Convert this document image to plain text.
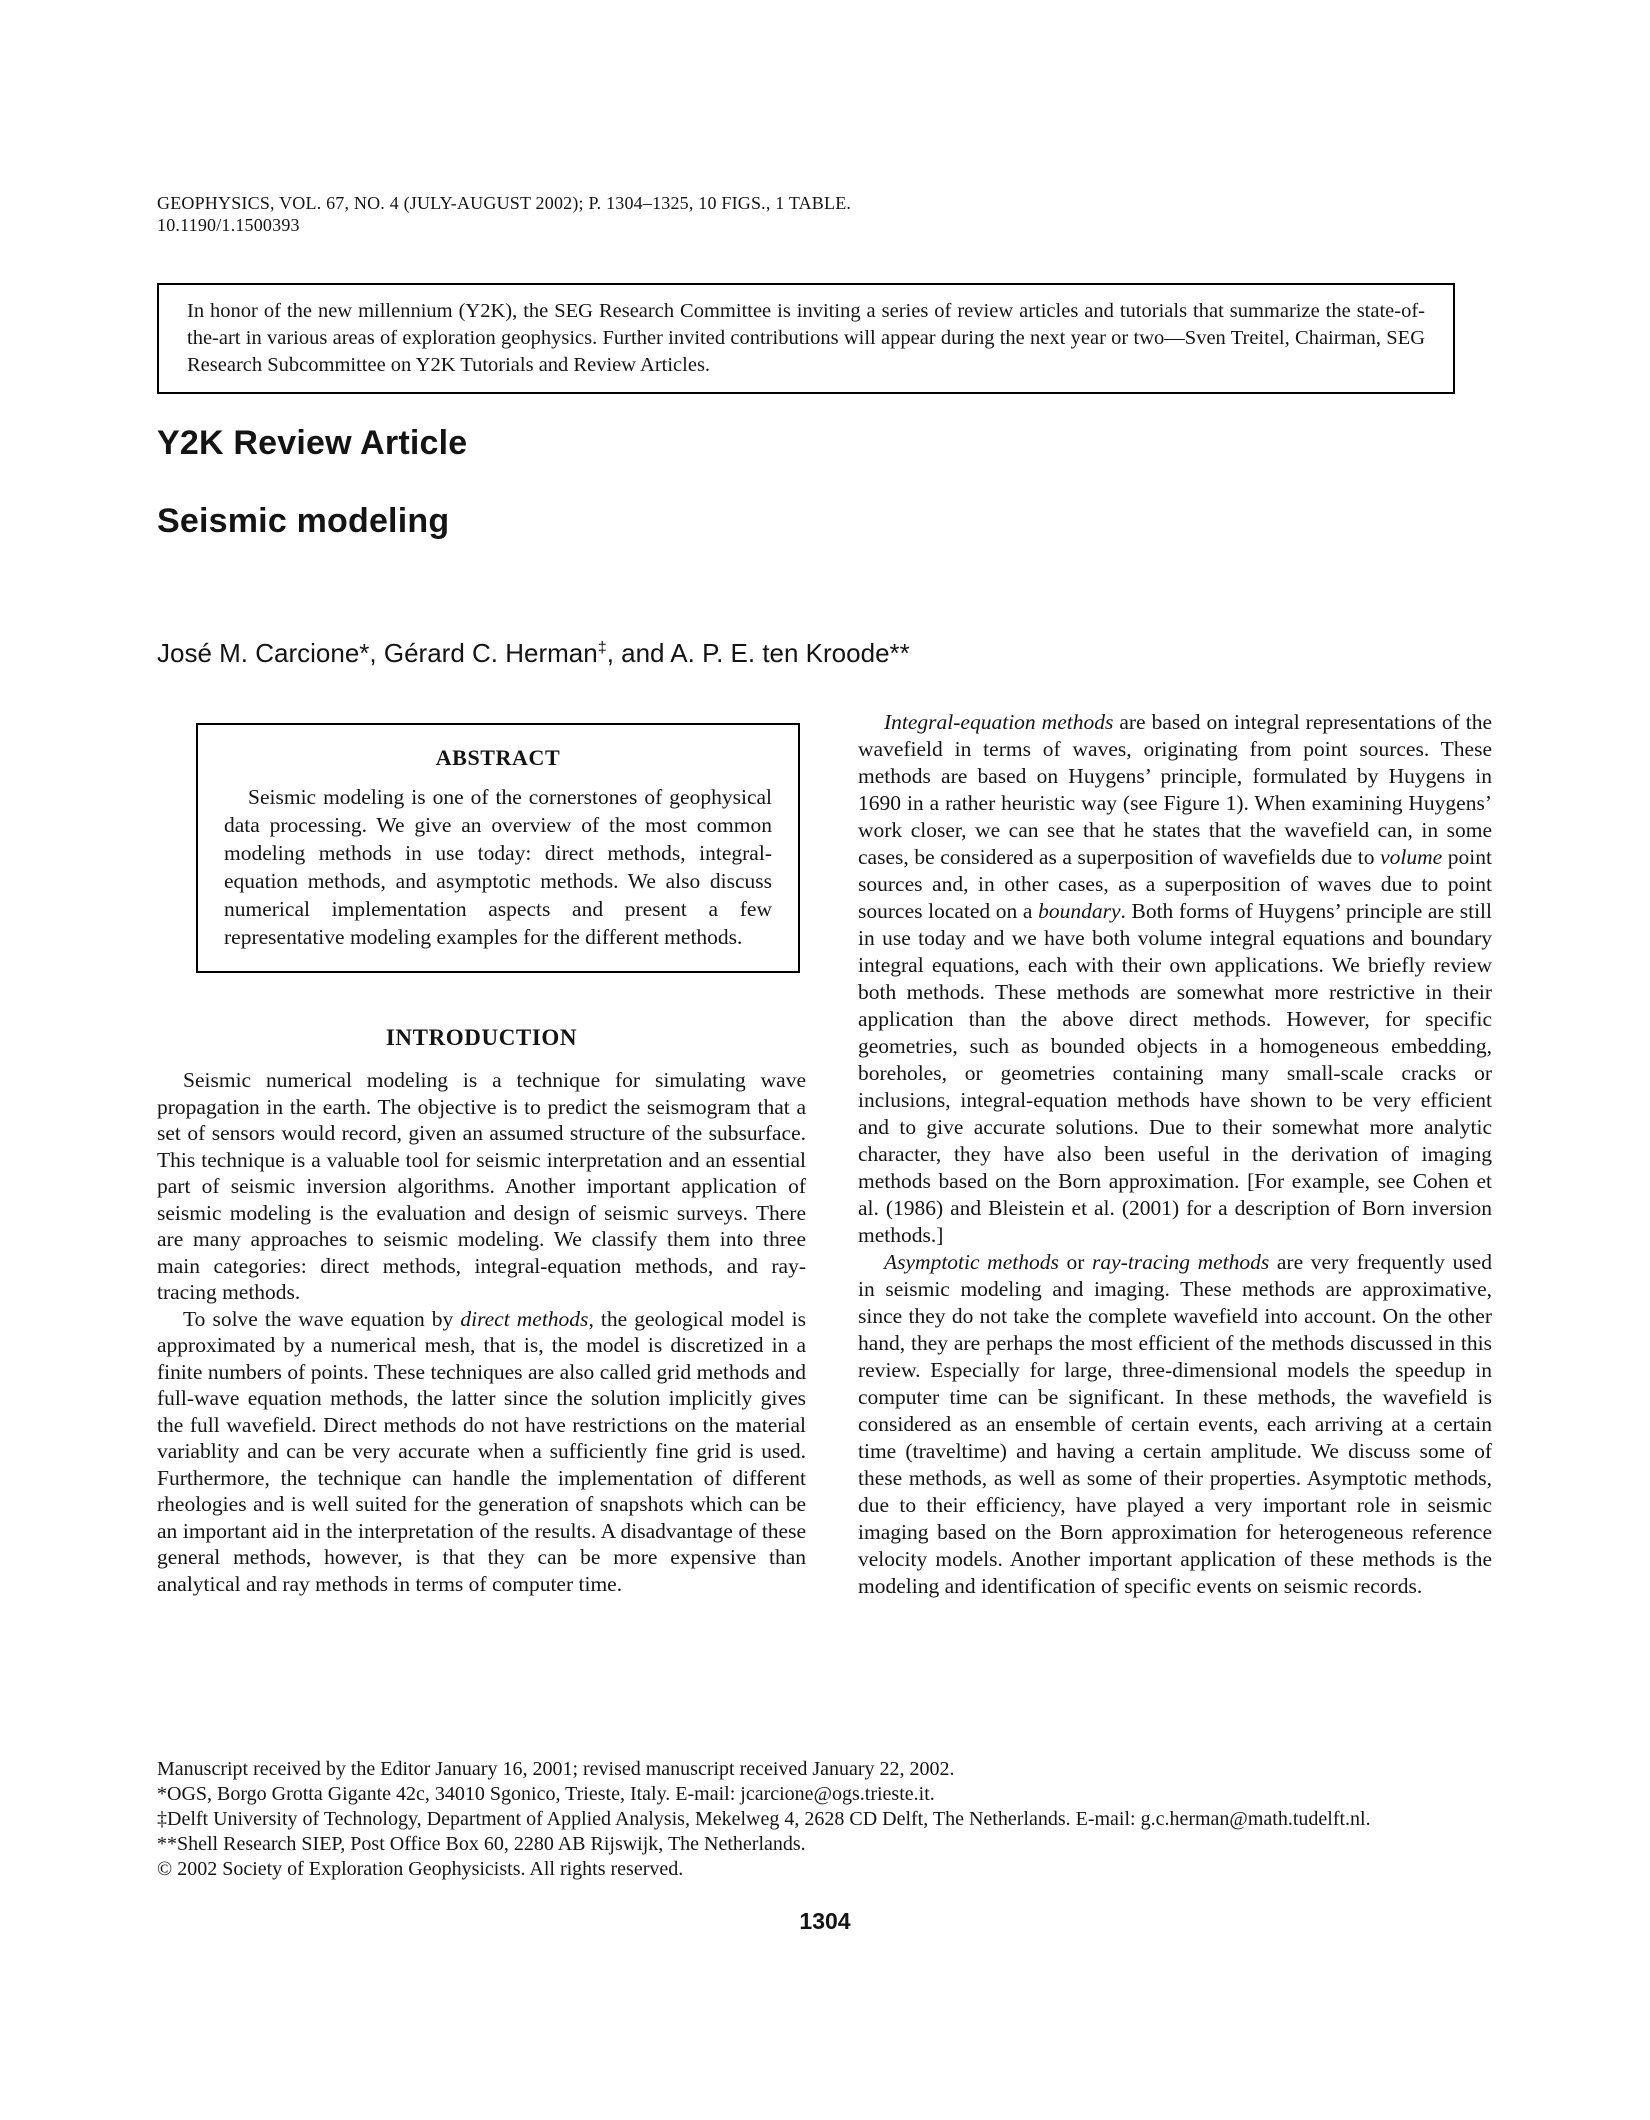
GEOPHYSICS, VOL. 67, NO. 4 (JULY-AUGUST 2002); P. 1304–1325, 10 FIGS., 1 TABLE.
10.1190/1.1500393
In honor of the new millennium (Y2K), the SEG Research Committee is inviting a series of review articles and tutorials that summarize the state-of-the-art in various areas of exploration geophysics. Further invited contributions will appear during the next year or two—Sven Treitel, Chairman, SEG Research Subcommittee on Y2K Tutorials and Review Articles.
Y2K Review Article
Seismic modeling
José M. Carcione*, Gérard C. Herman‡, and A. P. E. ten Kroode**
ABSTRACT

Seismic modeling is one of the cornerstones of geophysical data processing. We give an overview of the most common modeling methods in use today: direct methods, integral-equation methods, and asymptotic methods. We also discuss numerical implementation aspects and present a few representative modeling examples for the different methods.

INTRODUCTION

Seismic numerical modeling is a technique for simulating wave propagation in the earth. The objective is to predict the seismogram that a set of sensors would record, given an assumed structure of the subsurface. This technique is a valuable tool for seismic interpretation and an essential part of seismic inversion algorithms. Another important application of seismic modeling is the evaluation and design of seismic surveys. There are many approaches to seismic modeling. We classify them into three main categories: direct methods, integral-equation methods, and ray-tracing methods.

To solve the wave equation by direct methods, the geological model is approximated by a numerical mesh, that is, the model is discretized in a finite numbers of points. These techniques are also called grid methods and full-wave equation methods, the latter since the solution implicitly gives the full wavefield. Direct methods do not have restrictions on the material variablity and can be very accurate when a sufficiently fine grid is used. Furthermore, the technique can handle the implementation of different rheologies and is well suited for the generation of snapshots which can be an important aid in the interpretation of the results. A disadvantage of these general methods, however, is that they can be more expensive than analytical and ray methods in terms of computer time.

Integral-equation methods are based on integral representations of the wavefield in terms of waves, originating from point sources. These methods are based on Huygens’ principle, formulated by Huygens in 1690 in a rather heuristic way (see Figure 1). When examining Huygens’ work closer, we can see that he states that the wavefield can, in some cases, be considered as a superposition of wavefields due to volume point sources and, in other cases, as a superposition of waves due to point sources located on a boundary. Both forms of Huygens’ principle are still in use today and we have both volume integral equations and boundary integral equations, each with their own applications. We briefly review both methods. These methods are somewhat more restrictive in their application than the above direct methods. However, for specific geometries, such as bounded objects in a homogeneous embedding, boreholes, or geometries containing many small-scale cracks or inclusions, integral-equation methods have shown to be very efficient and to give accurate solutions. Due to their somewhat more analytic character, they have also been useful in the derivation of imaging methods based on the Born approximation. [For example, see Cohen et al. (1986) and Bleistein et al. (2001) for a description of Born inversion methods.]

Asymptotic methods or ray-tracing methods are very frequently used in seismic modeling and imaging. These methods are approximative, since they do not take the complete wavefield into account. On the other hand, they are perhaps the most efficient of the methods discussed in this review. Especially for large, three-dimensional models the speedup in computer time can be significant. In these methods, the wavefield is considered as an ensemble of certain events, each arriving at a certain time (traveltime) and having a certain amplitude. We discuss some of these methods, as well as some of their properties. Asymptotic methods, due to their efficiency, have played a very important role in seismic imaging based on the Born approximation for heterogeneous reference velocity models. Another important application of these methods is the modeling and identification of specific events on seismic records.

Manuscript received by the Editor January 16, 2001; revised manuscript received January 22, 2002.
*OGS, Borgo Grotta Gigante 42c, 34010 Sgonico, Trieste, Italy. E-mail: jcarcione@ogs.trieste.it.
‡Delft University of Technology, Department of Applied Analysis, Mekelweg 4, 2628 CD Delft, The Netherlands. E-mail: g.c.herman@​math.tudelft.nl.
**Shell Research SIEP, Post Office Box 60, 2280 AB Rijswijk, The Netherlands.
© 2002 Society of Exploration Geophysicists. All rights reserved.
1304
